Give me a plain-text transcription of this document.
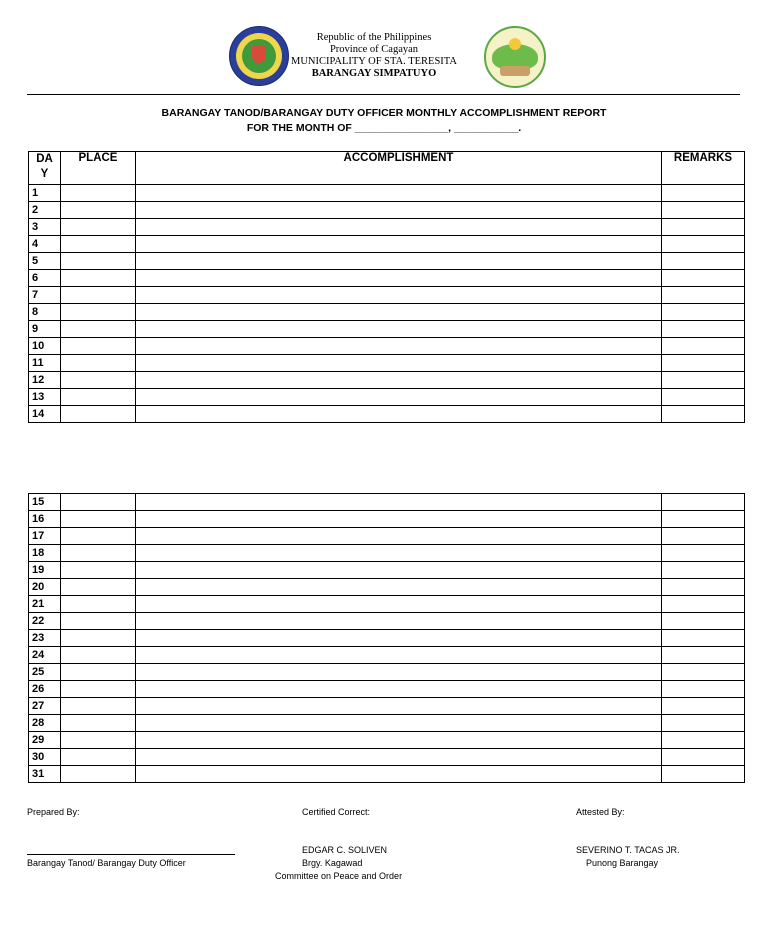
Republic of the Philippines
Province of Cagayan
MUNICIPALITY OF STA. TERESITA
BARANGAY SIMPATUYO
BARANGAY TANOD/BARANGAY DUTY OFFICER MONTHLY ACCOMPLISHMENT REPORT
FOR THE MONTH OF ________________, ___________.
DA
Y	PLACE	ACCOMPLISHMENT	REMARKS
1			
2			
3			
4			
5			
6			
7			
8			
9			
10			
11			
12			
13			
14			
15			
16			
17			
18			
19			
20			
21			
22			
23			
24			
25			
26			
27			
28			
29			
30			
31			
Prepared By:
Barangay Tanod/ Barangay Duty Officer
Certified Correct:
EDGAR C. SOLIVEN
Brgy. Kagawad
Committee on Peace and Order
Attested By:
SEVERINO T. TACAS JR.
Punong Barangay
